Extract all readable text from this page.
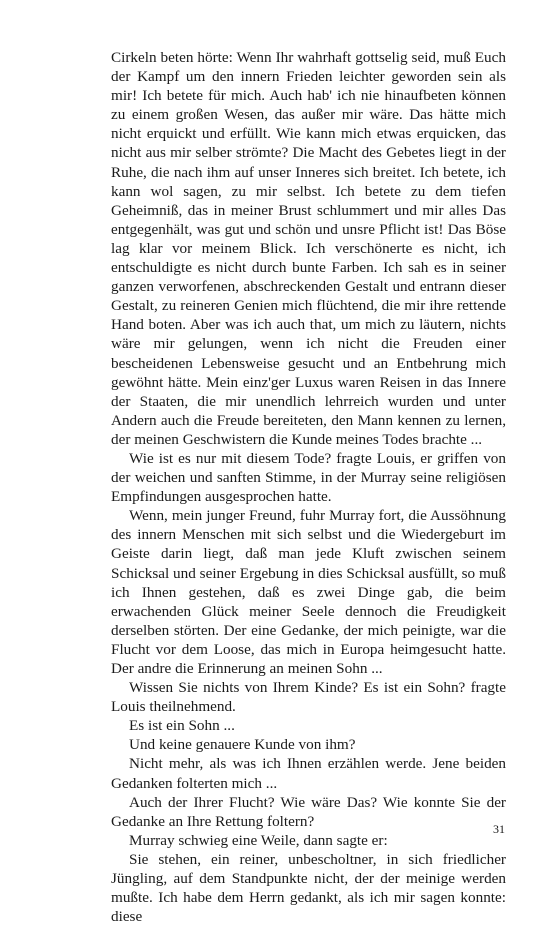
Cirkeln beten hörte: Wenn Ihr wahrhaft gottselig seid, muß Euch der Kampf um den innern Frieden leichter geworden sein als mir! Ich betete für mich. Auch hab' ich nie hinaufbeten können zu einem großen Wesen, das außer mir wäre. Das hätte mich nicht erquickt und erfüllt. Wie kann mich etwas erquicken, das nicht aus mir selber strömte? Die Macht des Gebetes liegt in der Ruhe, die nach ihm auf unser Inneres sich breitet. Ich betete, ich kann wol sagen, zu mir selbst. Ich betete zu dem tiefen Geheimniß, das in meiner Brust schlummert und mir alles Das entgegenhält, was gut und schön und unsre Pflicht ist! Das Böse lag klar vor meinem Blick. Ich verschönerte es nicht, ich entschuldigte es nicht durch bunte Farben. Ich sah es in seiner ganzen verworfenen, abschreckenden Gestalt und entrann dieser Gestalt, zu reineren Genien mich flüchtend, die mir ihre rettende Hand boten. Aber was ich auch that, um mich zu läutern, nichts wäre mir gelungen, wenn ich nicht die Freuden einer bescheidenen Lebensweise gesucht und an Entbehrung mich gewöhnt hätte. Mein einz'ger Luxus waren Reisen in das Innere der Staaten, die mir unendlich lehrreich wurden und unter Andern auch die Freude bereiteten, den Mann kennen zu lernen, der meinen Geschwistern die Kunde meines Todes brachte ...

Wie ist es nur mit diesem Tode? fragte Louis, er griffen von der weichen und sanften Stimme, in der Murray seine religiösen Empfindungen ausgesprochen hatte.

Wenn, mein junger Freund, fuhr Murray fort, die Aussöhnung des innern Menschen mit sich selbst und die Wiedergeburt im Geiste darin liegt, daß man jede Kluft zwischen seinem Schicksal und seiner Ergebung in dies Schicksal ausfüllt, so muß ich Ihnen gestehen, daß es zwei Dinge gab, die beim erwachenden Glück meiner Seele dennoch die Freudigkeit derselben störten. Der eine Gedanke, der mich peinigte, war die Flucht vor dem Loose, das mich in Europa heimgesucht hatte. Der andre die Erinnerung an meinen Sohn ...

Wissen Sie nichts von Ihrem Kinde? Es ist ein Sohn? fragte Louis theilnehmend.

Es ist ein Sohn ...

Und keine genauere Kunde von ihm?

Nicht mehr, als was ich Ihnen erzählen werde. Jene beiden Gedanken folterten mich ...

Auch der Ihrer Flucht? Wie wäre Das? Wie konnte Sie der Gedanke an Ihre Rettung foltern?

Murray schwieg eine Weile, dann sagte er:

Sie stehen, ein reiner, unbescholtner, in sich friedlicher Jüngling, auf dem Standpunkte nicht, der der meinige werden mußte. Ich habe dem Herrn gedankt, als ich mir sagen konnte: diese

31
